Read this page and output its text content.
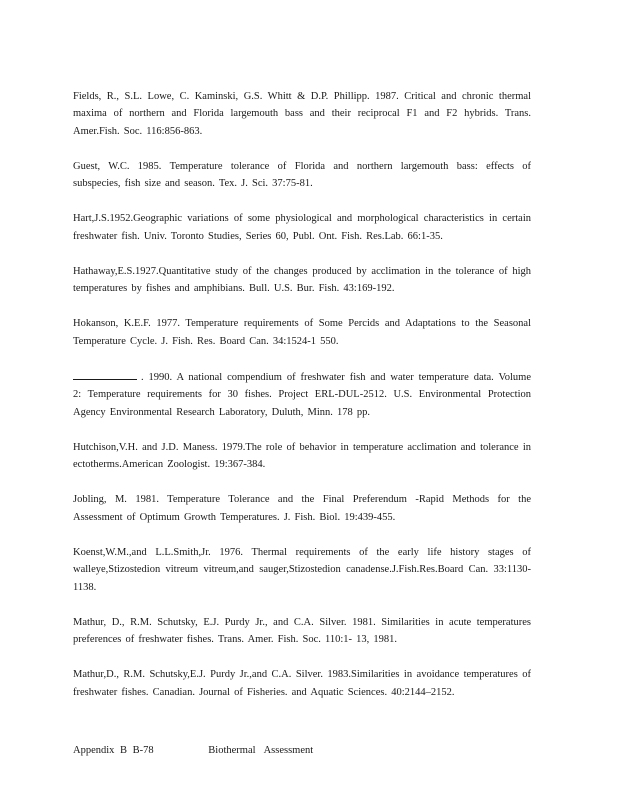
Fields, R., S.L. Lowe, C. Kaminski, G.S. Whitt & D.P. Phillipp. 1987. Critical and chronic thermal maxima of northern and Florida largemouth bass and their reciprocal F1 and F2 hybrids. Trans. Amer.Fish. Soc. 116:856-863.

Guest, W.C. 1985. Temperature tolerance of Florida and northern largemouth bass: effects of subspecies, fish size and season. Tex. J. Sci. 37:75-81.

Hart,J.S.1952.Geographic variations of some physiological and morphological characteristics in certain freshwater fish. Univ. Toronto Studies, Series 60, Publ. Ont. Fish. Res.Lab. 66:1-35.

Hathaway,E.S.1927.Quantitative study of the changes produced by acclimation in the tolerance of high temperatures by fishes and amphibians. Bull. U.S. Bur. Fish. 43:169-192.

Hokanson, K.E.F. 1977. Temperature requirements of Some Percids and Adaptations to the Seasonal Temperature Cycle. J. Fish. Res. Board Can. 34:1524-1 550.

. 1990. A national compendium of freshwater fish and water temperature data. Volume 2: Temperature requirements for 30 fishes. Project ERL-DUL-2512. U.S. Environmental Protection Agency Environmental Research Laboratory, Duluth, Minn. 178 pp.

Hutchison,V.H. and J.D. Maness. 1979.The role of behavior in temperature acclimation and tolerance in ectotherms.American Zoologist. 19:367-384.

Jobling, M. 1981. Temperature Tolerance and the Final Preferendum -Rapid Methods for the Assessment of Optimum Growth Temperatures. J. Fish. Biol. 19:439-455.

Koenst,W.M.,and L.L.Smith,Jr. 1976. Thermal requirements of the early life history stages of walleye,Stizostedion vitreum vitreum,and sauger,Stizostedion canadense.J.Fish.Res.Board Can. 33:1130-1138.

Mathur, D., R.M. Schutsky, E.J. Purdy Jr., and C.A. Silver. 1981. Similarities in acute temperatures preferences of freshwater fishes. Trans. Amer. Fish. Soc. 110:1- 13, 1981.

Mathur,D., R.M. Schutsky,E.J. Purdy Jr.,and C.A. Silver. 1983.Similarities in avoidance temperatures of freshwater fishes. Canadian. Journal of Fisheries. and Aquatic Sciences. 40:2144–2152.

Appendix B B-78	Biothermal Assessment
